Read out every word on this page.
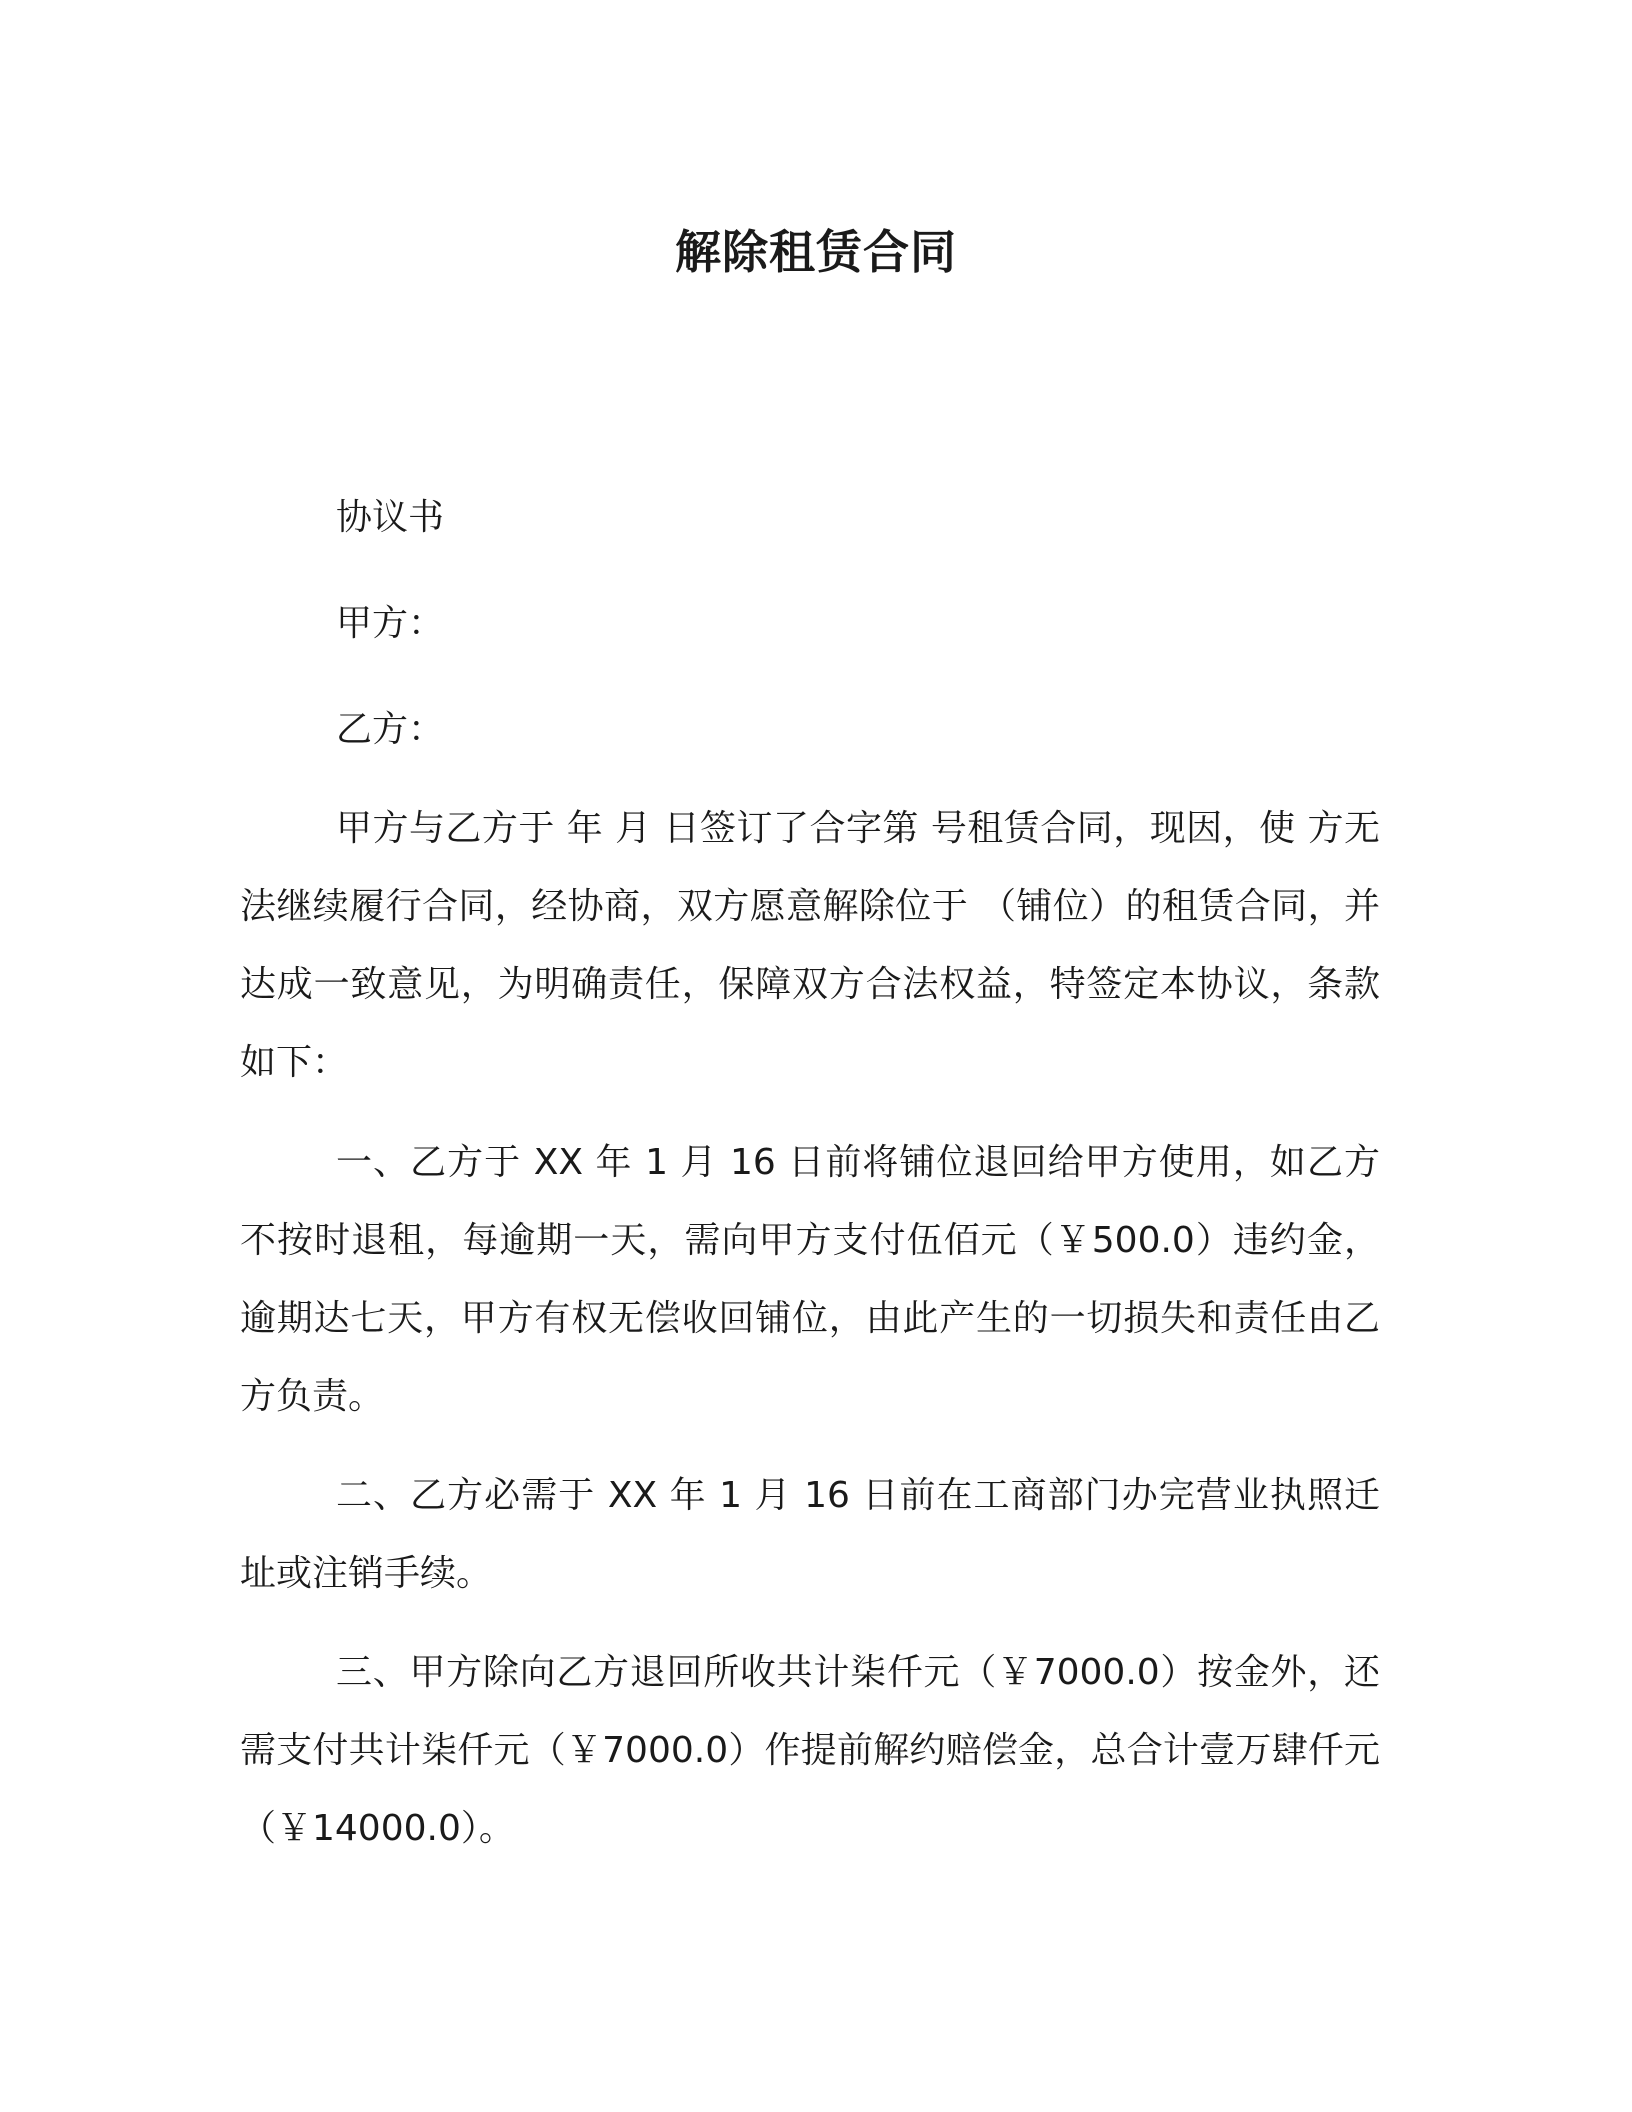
解除租赁合同
协议书
甲方：
乙方：
甲方与乙方于 年 月 日签订了合字第 号租赁合同，现因，使 方无法继续履行合同，经协商，双方愿意解除位于 （铺位）的租赁合同，并达成一致意见，为明确责任，保障双方合法权益，特签定本协议，条款如下：
一、乙方于 XX 年 1 月 16 日前将铺位退回给甲方使用，如乙方不按时退租，每逾期一天，需向甲方支付伍佰元（￥500.0）违约金，逾期达七天，甲方有权无偿收回铺位，由此产生的一切损失和责任由乙方负责。
二、乙方必需于 XX 年 1 月 16 日前在工商部门办完营业执照迁址或注销手续。
三、甲方除向乙方退回所收共计柒仟元（￥7000.0）按金外，还需支付共计柒仟元（￥7000.0）作提前解约赔偿金，总合计壹万肆仟元（￥14000.0）。
